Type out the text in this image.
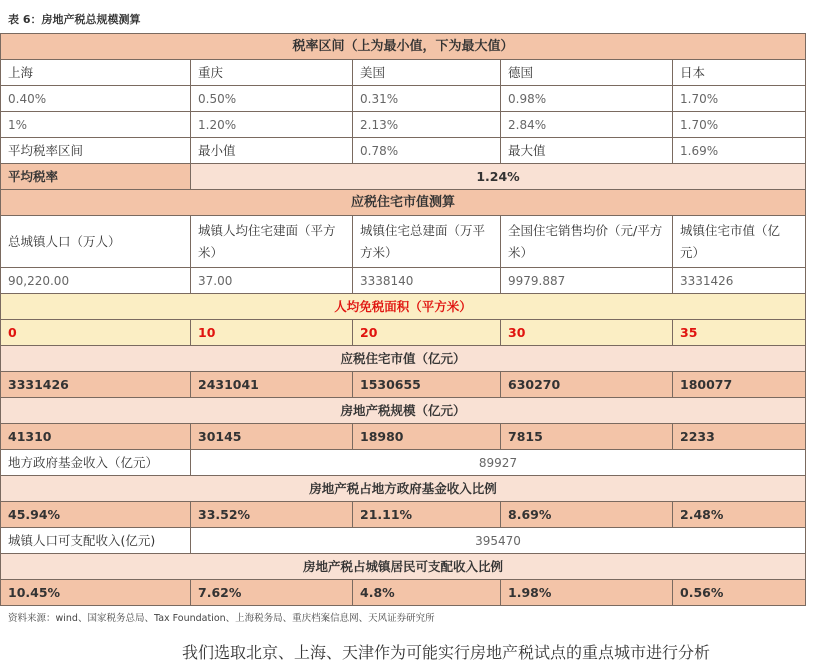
表 6：房地产税总规模测算
税率区间（上为最小值，下为最大值）				
上海	重庆	美国	德国	日本
0.40%	0.50%	0.31%	0.98%	1.70%
1%	1.20%	2.13%	2.84%	1.70%
平均税率区间	最小值	0.78%	最大值	1.69%
平均税率	1.24%			
应税住宅市值测算				
总城镇人口（万人）	城镇人均住宅建面（平方米）	城镇住宅总建面（万平方米）	全国住宅销售均价（元/平方米）	城镇住宅市值（亿元）
90,220.00	37.00	3338140	9979.887	3331426
人均免税面积（平方米）				
0	10	20	30	35
应税住宅市值（亿元）				
3331426	2431041	1530655	630270	180077
房地产税规模（亿元）				
41310	30145	18980	7815	2233
地方政府基金收入（亿元）	89927			
房地产税占地方政府基金收入比例				
45.94%	33.52%	21.11%	8.69%	2.48%
城镇人口可支配收入(亿元)	395470			
房地产税占城镇居民可支配收入比例				
10.45%	7.62%	4.8%	1.98%	0.56%
资料来源：wind、国家税务总局、Tax Foundation、上海税务局、重庆档案信息网、天风证券研究所
我们选取北京、上海、天津作为可能实行房地产税试点的重点城市进行分析
